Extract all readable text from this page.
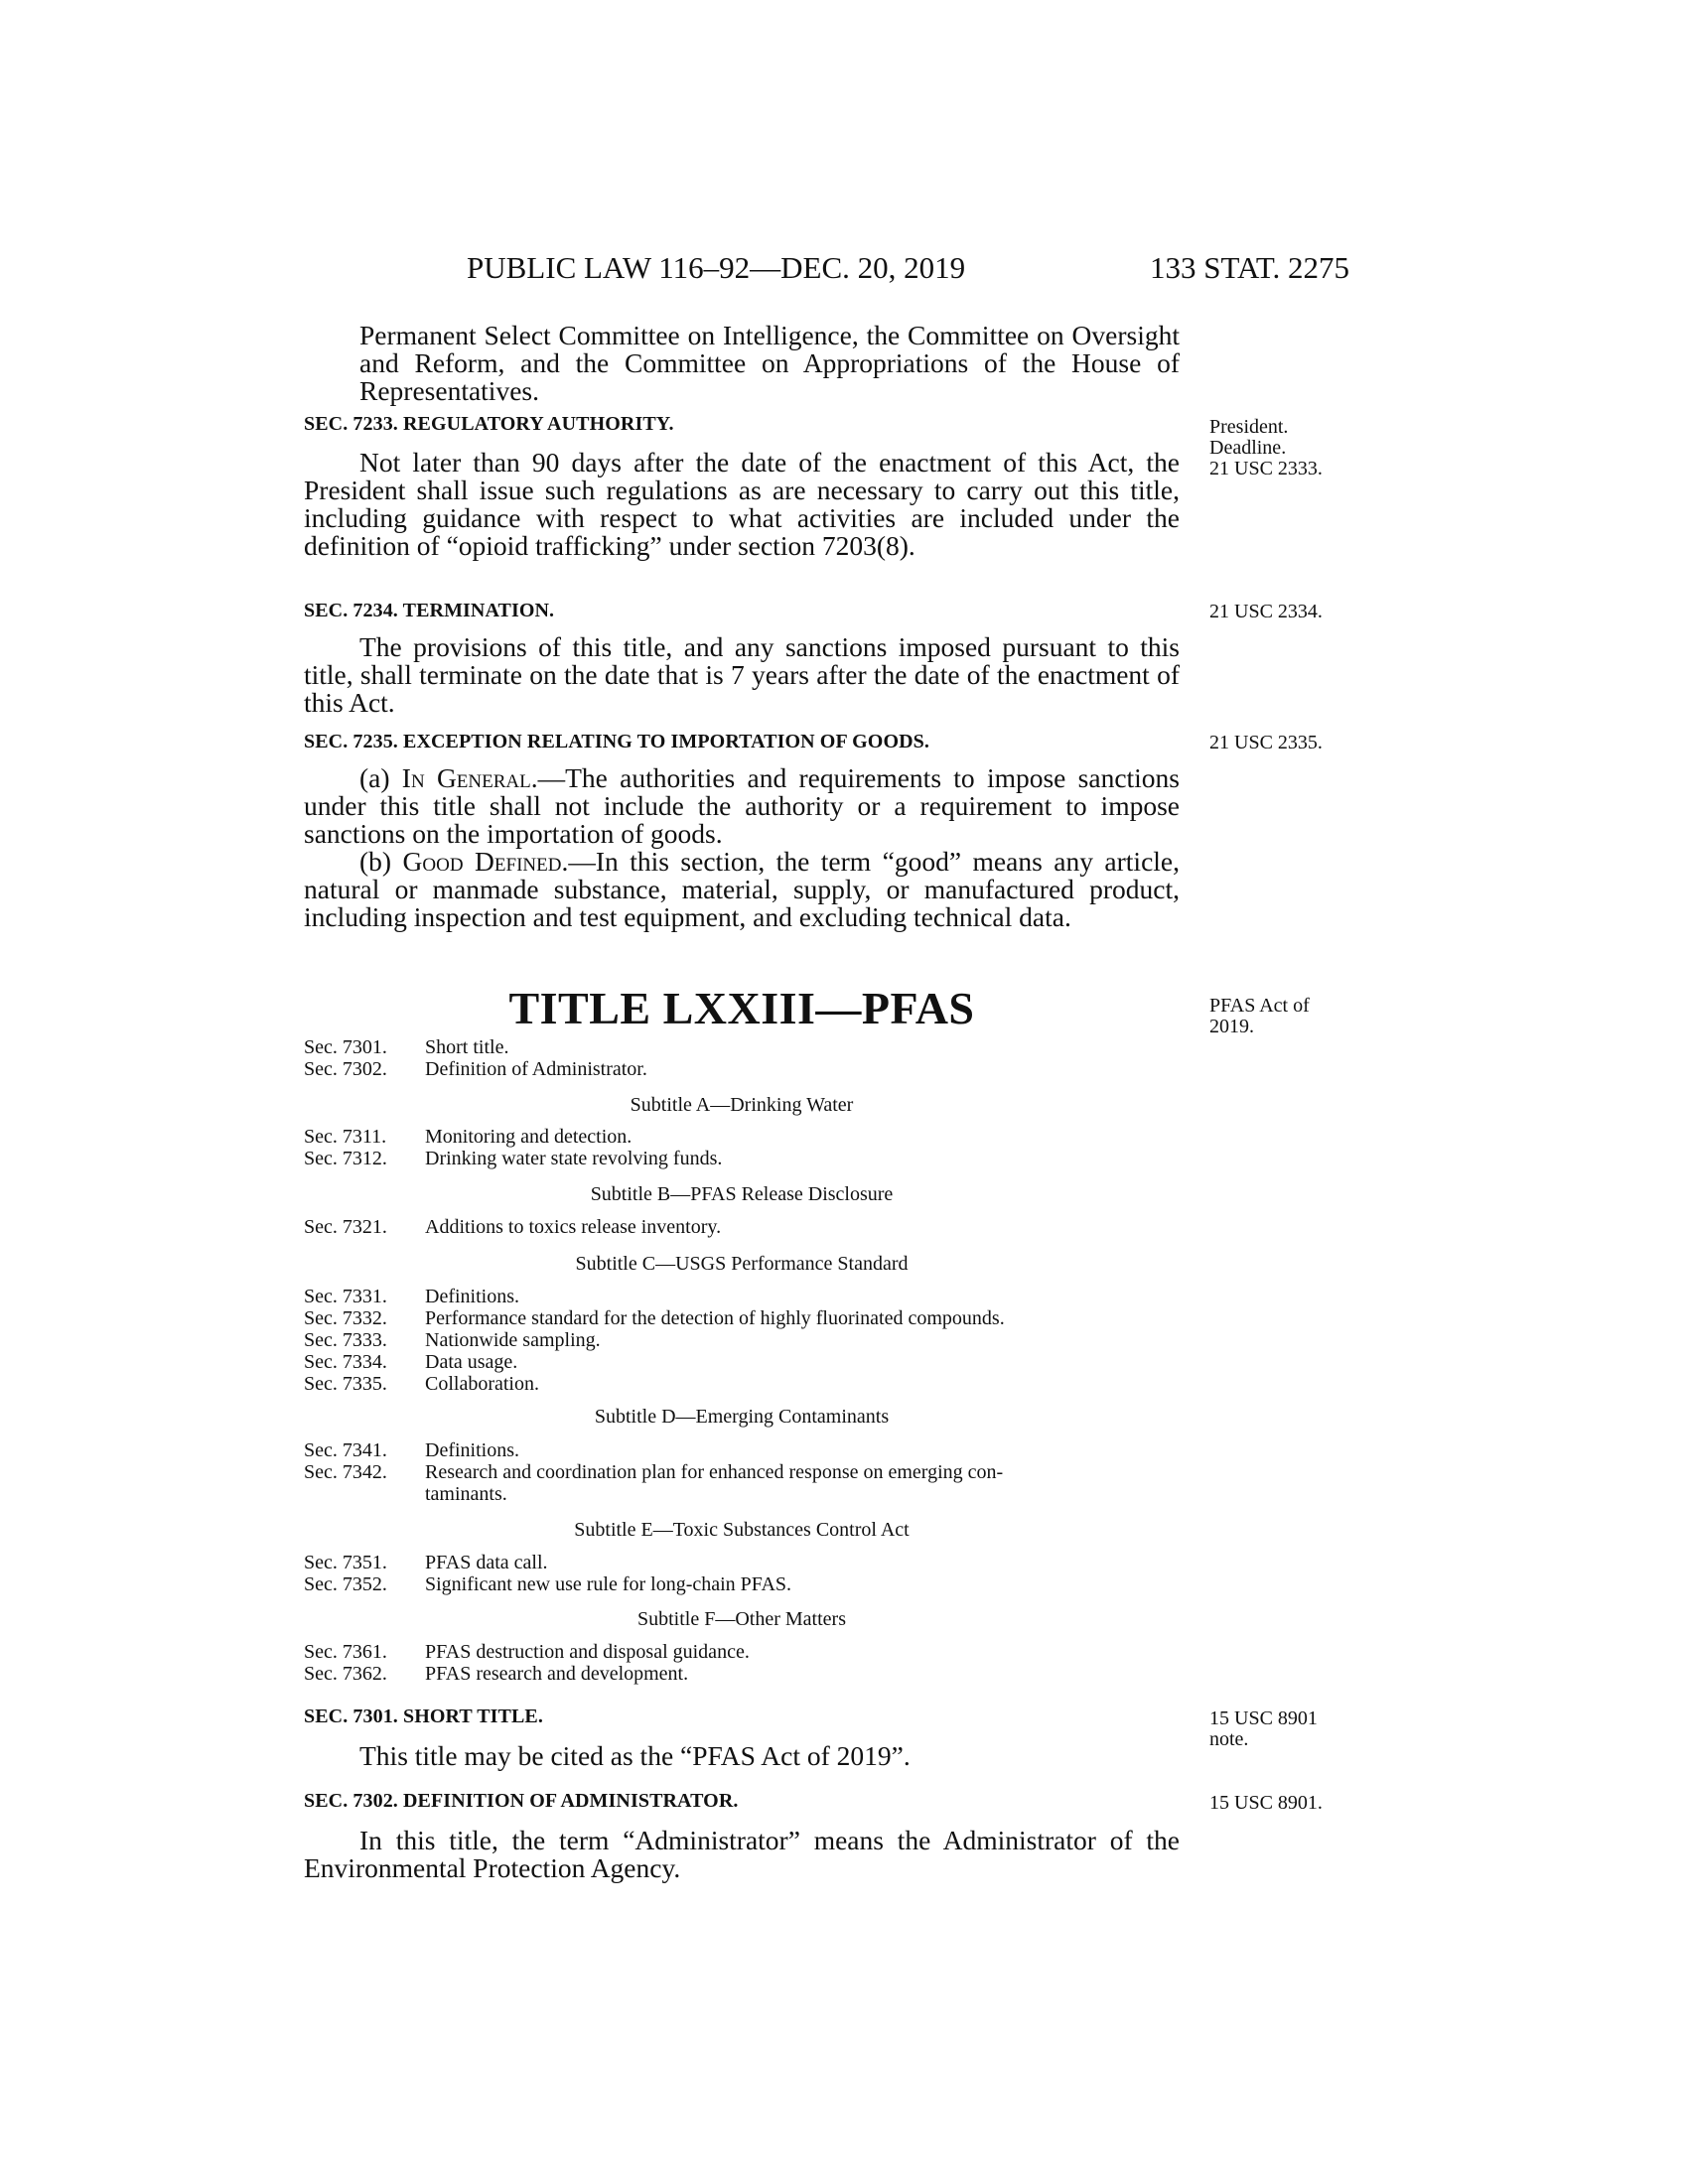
PUBLIC LAW 116–92—DEC. 20, 2019	133 STAT. 2275

Permanent Select Committee on Intelligence, the Committee on Oversight and Reform, and the Committee on Appropriations of the House of Representatives.

SEC. 7233. REGULATORY AUTHORITY.

Not later than 90 days after the date of the enactment of this Act, the President shall issue such regulations as are necessary to carry out this title, including guidance with respect to what activities are included under the definition of “opioid trafficking” under section 7203(8).

President.
Deadline.
21 USC 2333.
SEC. 7234. TERMINATION.

The provisions of this title, and any sanctions imposed pursuant to this title, shall terminate on the date that is 7 years after the date of the enactment of this Act.

21 USC 2334.
SEC. 7235. EXCEPTION RELATING TO IMPORTATION OF GOODS.	21 USC 2335.

(a) In General.—The authorities and requirements to impose sanctions under this title shall not include the authority or a requirement to impose sanctions on the importation of goods.

(b) Good Defined.—In this section, the term “good” means any article, natural or manmade substance, material, supply, or manufactured product, including inspection and test equipment, and excluding technical data.

TITLE LXXIII—PFAS	PFAS Act of
2019.
Sec. 7301.	Short title.
Sec. 7302.	Definition of Administrator.
Subtitle A—Drinking Water
Sec. 7311.	Monitoring and detection.
Sec. 7312.	Drinking water state revolving funds.
Subtitle B—PFAS Release Disclosure
Sec. 7321.	Additions to toxics release inventory.
Subtitle C—USGS Performance Standard
Sec. 7331.	Definitions.
Sec. 7332.	Performance standard for the detection of highly fluorinated compounds.
Sec. 7333.	Nationwide sampling.
Sec. 7334.	Data usage.
Sec. 7335.	Collaboration.
Subtitle D—Emerging Contaminants
Sec. 7341.	Definitions.
Sec. 7342.	Research and coordination plan for enhanced response on emerging con-
taminants.
Subtitle E—Toxic Substances Control Act
Sec. 7351.	PFAS data call.
Sec. 7352.	Significant new use rule for long-chain PFAS.
Subtitle F—Other Matters
Sec. 7361.	PFAS destruction and disposal guidance.
Sec. 7362.	PFAS research and development.
SEC. 7301. SHORT TITLE.	15 USC 8901
note.

This title may be cited as the “PFAS Act of 2019”.

SEC. 7302. DEFINITION OF ADMINISTRATOR.	15 USC 8901.

In this title, the term “Administrator” means the Administrator of the Environmental Protection Agency.
